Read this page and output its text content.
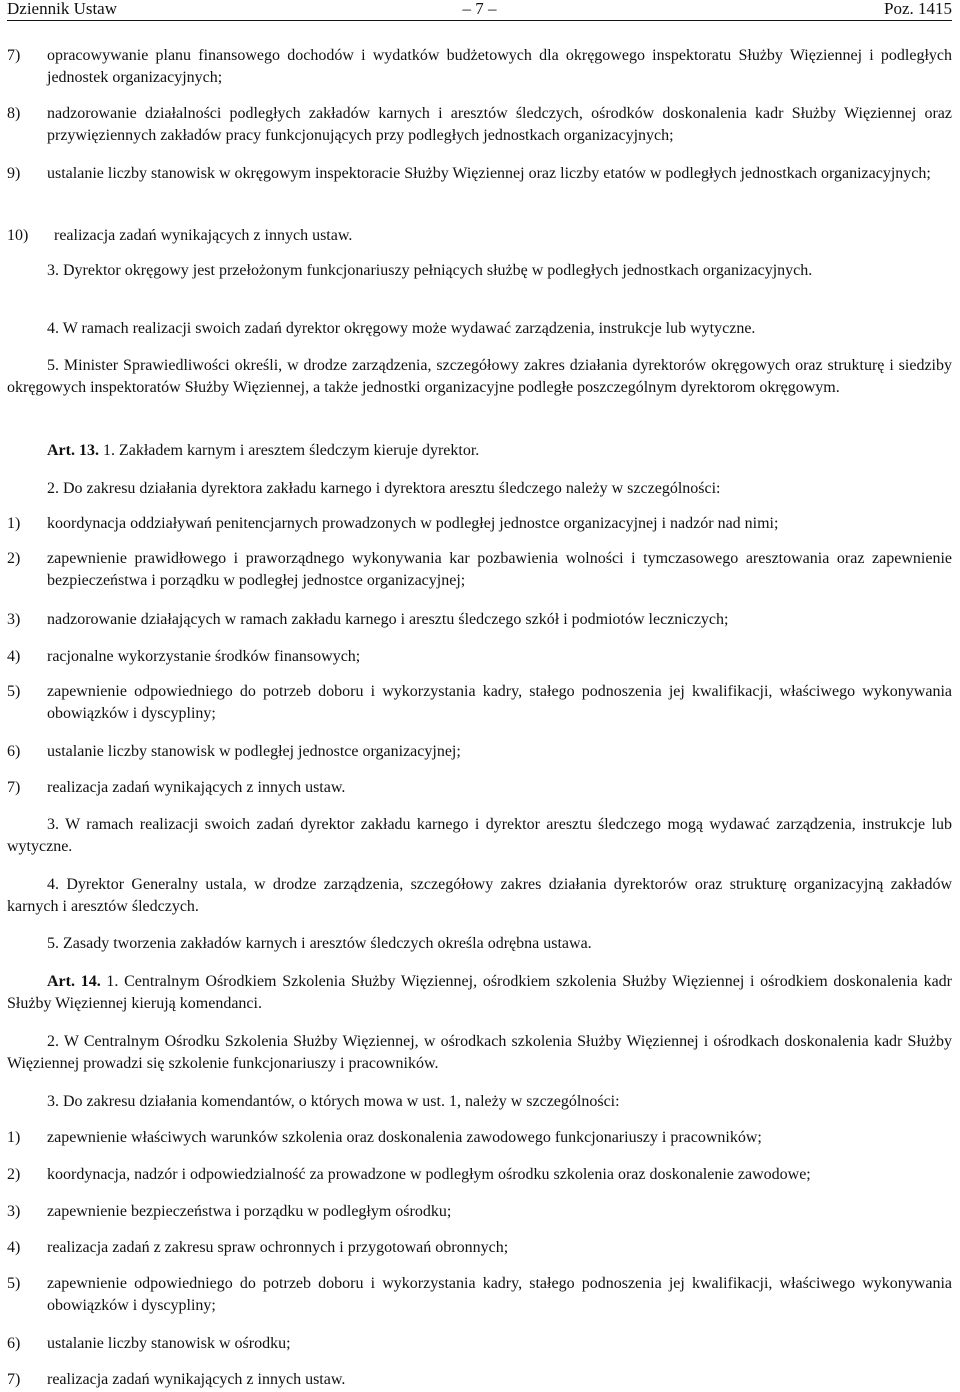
Dziennik Ustaw	– 7 –	Poz. 1415
7) opracowywanie planu finansowego dochodów i wydatków budżetowych dla okręgowego inspektoratu Służby Więziennej i podległych jednostek organizacyjnych;
8) nadzorowanie działalności podległych zakładów karnych i aresztów śledczych, ośrodków doskonalenia kadr Służby Więziennej oraz przywięziennych zakładów pracy funkcjonujących przy podległych jednostkach organizacyjnych;
9) ustalanie liczby stanowisk w okręgowym inspektoracie Służby Więziennej oraz liczby etatów w podległych jednostkach organizacyjnych;
10) realizacja zadań wynikających z innych ustaw.
3. Dyrektor okręgowy jest przełożonym funkcjonariuszy pełniących służbę w podległych jednostkach organizacyjnych.
4. W ramach realizacji swoich zadań dyrektor okręgowy może wydawać zarządzenia, instrukcje lub wytyczne.
5. Minister Sprawiedliwości określi, w drodze zarządzenia, szczegółowy zakres działania dyrektorów okręgowych oraz strukturę i siedziby okręgowych inspektoratów Służby Więziennej, a także jednostki organizacyjne podległe poszczególnym dyrektorom okręgowym.
Art. 13. 1. Zakładem karnym i aresztem śledczym kieruje dyrektor.
2. Do zakresu działania dyrektora zakładu karnego i dyrektora aresztu śledczego należy w szczególności:
1) koordynacja oddziaływań penitencjarnych prowadzonych w podległej jednostce organizacyjnej i nadzór nad nimi;
2) zapewnienie prawidłowego i praworządnego wykonywania kar pozbawienia wolności i tymczasowego aresztowania oraz zapewnienie bezpieczeństwa i porządku w podległej jednostce organizacyjnej;
3) nadzorowanie działających w ramach zakładu karnego i aresztu śledczego szkół i podmiotów leczniczych;
4) racjonalne wykorzystanie środków finansowych;
5) zapewnienie odpowiedniego do potrzeb doboru i wykorzystania kadry, stałego podnoszenia jej kwalifikacji, właściwego wykonywania obowiązków i dyscypliny;
6) ustalanie liczby stanowisk w podległej jednostce organizacyjnej;
7) realizacja zadań wynikających z innych ustaw.
3. W ramach realizacji swoich zadań dyrektor zakładu karnego i dyrektor aresztu śledczego mogą wydawać zarządzenia, instrukcje lub wytyczne.
4. Dyrektor Generalny ustala, w drodze zarządzenia, szczegółowy zakres działania dyrektorów oraz strukturę organizacyjną zakładów karnych i aresztów śledczych.
5. Zasady tworzenia zakładów karnych i aresztów śledczych określa odrębna ustawa.
Art. 14. 1. Centralnym Ośrodkiem Szkolenia Służby Więziennej, ośrodkiem szkolenia Służby Więziennej i ośrodkiem doskonalenia kadr Służby Więziennej kierują komendanci.
2. W Centralnym Ośrodku Szkolenia Służby Więziennej, w ośrodkach szkolenia Służby Więziennej i ośrodkach doskonalenia kadr Służby Więziennej prowadzi się szkolenie funkcjonariuszy i pracowników.
3. Do zakresu działania komendantów, o których mowa w ust. 1, należy w szczególności:
1) zapewnienie właściwych warunków szkolenia oraz doskonalenia zawodowego funkcjonariuszy i pracowników;
2) koordynacja, nadzór i odpowiedzialność za prowadzone w podległym ośrodku szkolenia oraz doskonalenie zawodowe;
3) zapewnienie bezpieczeństwa i porządku w podległym ośrodku;
4) realizacja zadań z zakresu spraw ochronnych i przygotowań obronnych;
5) zapewnienie odpowiedniego do potrzeb doboru i wykorzystania kadry, stałego podnoszenia jej kwalifikacji, właściwego wykonywania obowiązków i dyscypliny;
6) ustalanie liczby stanowisk w ośrodku;
7) realizacja zadań wynikających z innych ustaw.
